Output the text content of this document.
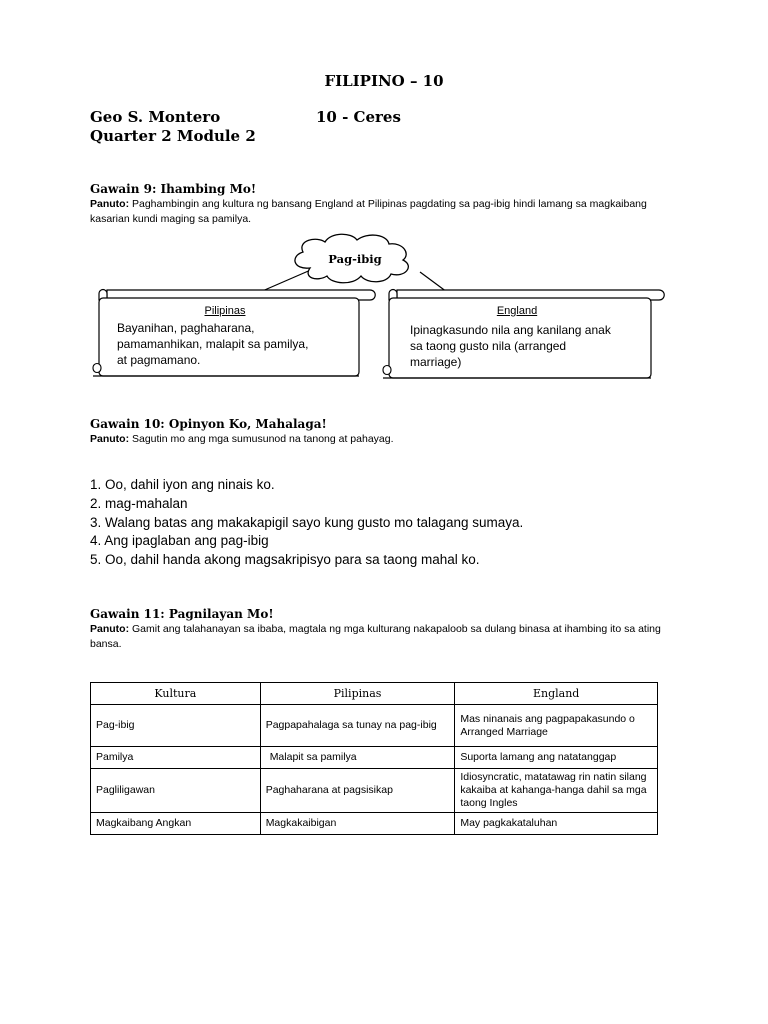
FILIPINO – 10
Geo S. Montero	10 - Ceres
Quarter 2 Module 2
Gawain 9: Ihambing Mo!
Panuto: Paghambingin ang kultura ng bansang England at Pilipinas pagdating sa pag-ibig hindi lamang sa magkaibang kasarian kundi maging sa pamilya.
Pag-ibig
Pilipinas
Bayanihan, paghaharana,
pamamanhikan, malapit sa pamilya,
at pagmamano.
England
Ipinagkasundo nila ang kanilang anak
sa taong gusto nila (arranged
marriage)
Gawain 10: Opinyon Ko, Mahalaga!
Panuto: Sagutin mo ang mga sumusunod na tanong at pahayag.
1. Oo, dahil iyon ang ninais ko.
2. mag-mahalan
3. Walang batas ang makakapigil sayo kung gusto mo talagang sumaya.
4. Ang ipaglaban ang pag-ibig
5. Oo, dahil handa akong magsakripisyo para sa taong mahal ko.
Gawain 11: Pagnilayan Mo!
Panuto: Gamit ang talahanayan sa ibaba, magtala ng mga kulturang nakapaloob sa dulang binasa at ihambing ito sa ating bansa.
Kultura	Pilipinas	England
Pag-ibig	Pagpapahalaga sa tunay na pag-ibig	Mas ninanais ang pagpapakasundo o Arranged Marriage
Pamilya	Malapit sa pamilya	Suporta lamang ang natatanggap
Pagliligawan	Paghaharana at pagsisikap	Idiosyncratic, matatawag rin natin silang kakaiba at kahanga-hanga dahil sa mga taong Ingles
Magkaibang Angkan	Magkakaibigan	May pagkakataluhan
